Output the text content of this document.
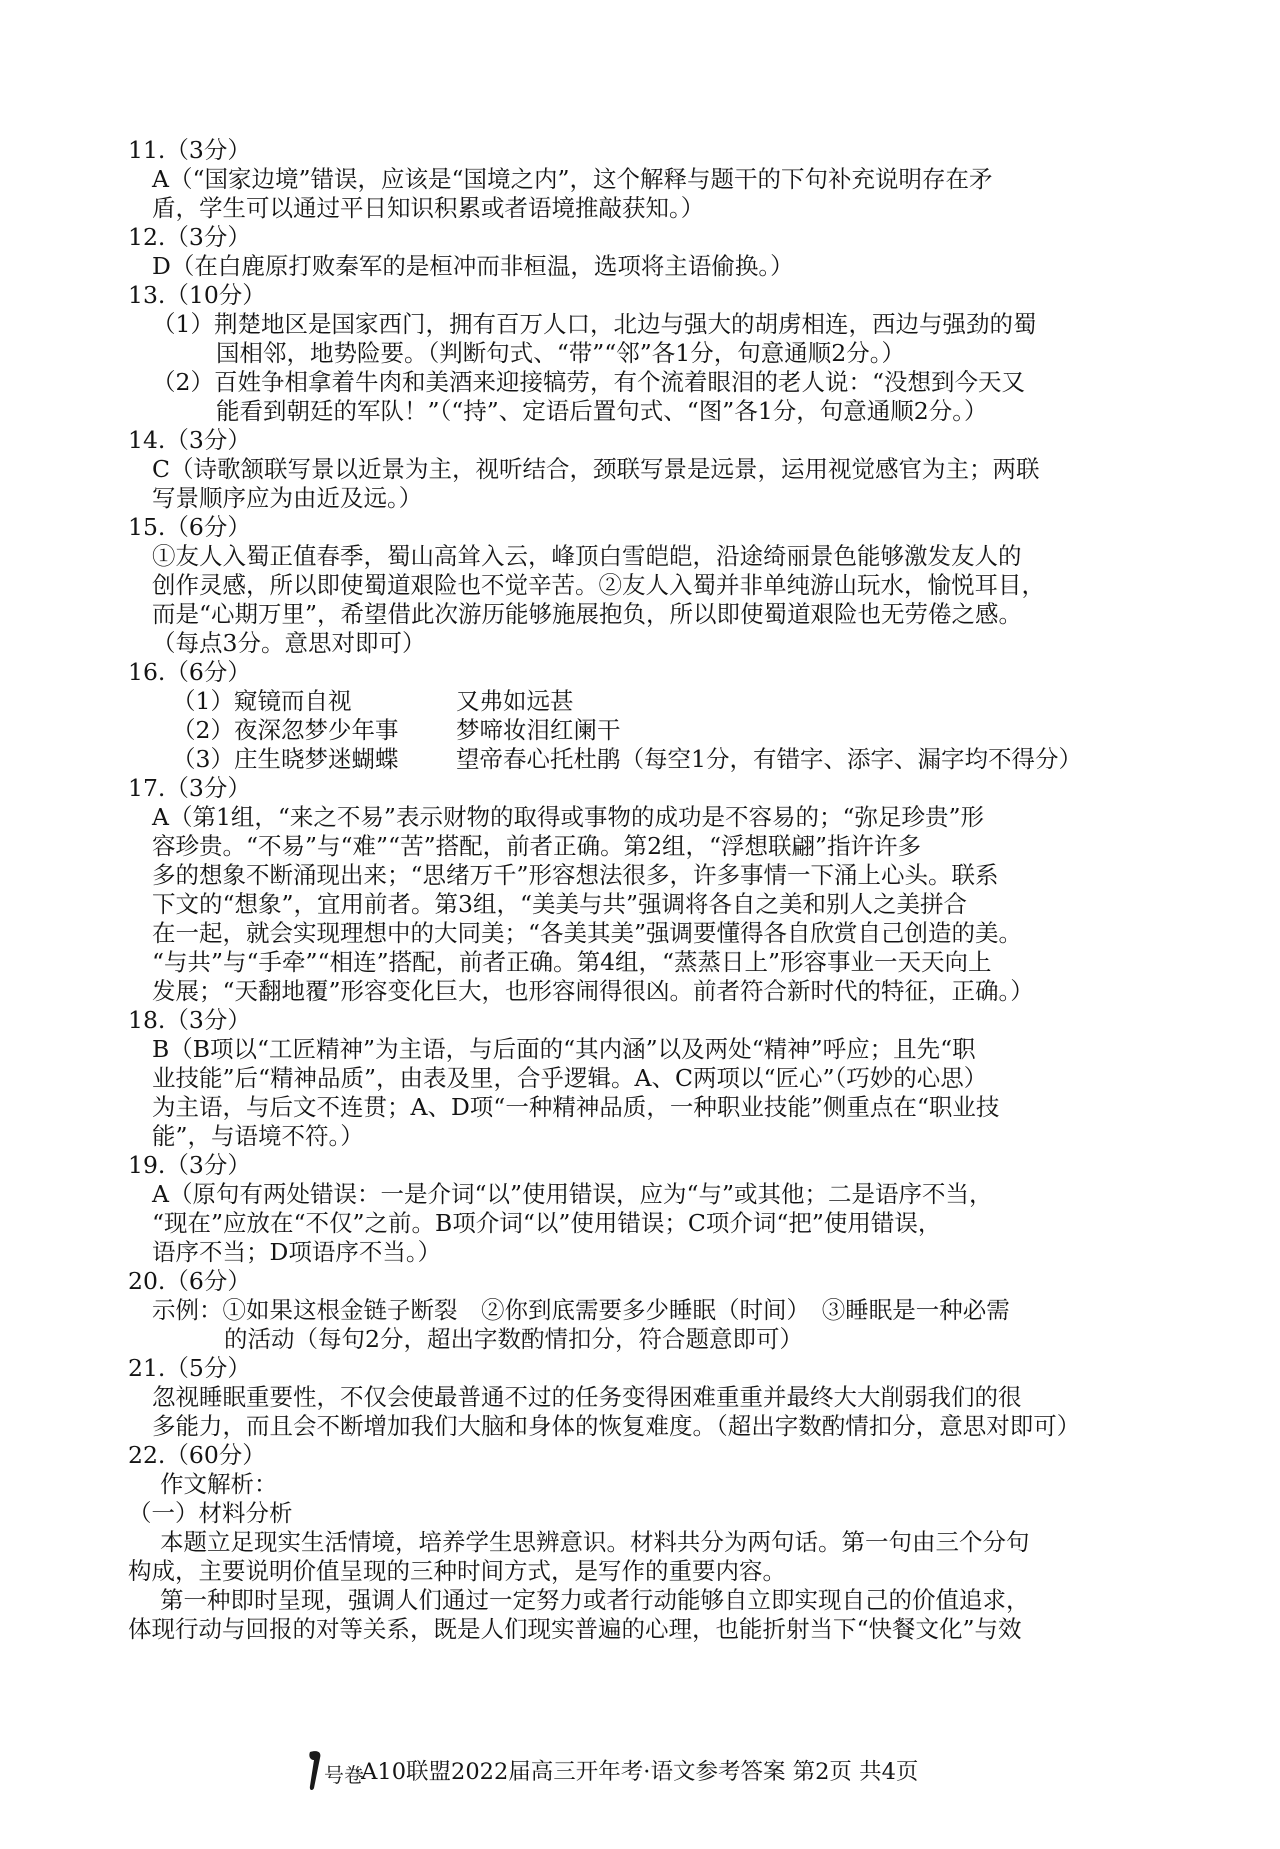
11.（3分）

A（“国家边境”错误，应该是“国境之内”，这个解释与题干的下句补充说明存在矛

盾，学生可以通过平日知识积累或者语境推敲获知。）

12.（3分）

D（在白鹿原打败秦军的是桓冲而非桓温，选项将主语偷换。）

13.（10分）

（1）荆楚地区是国家西门，拥有百万人口，北边与强大的胡虏相连，西边与强劲的蜀

国相邻，地势险要。（判断句式、“带”“邻”各1分，句意通顺2分。）

（2）百姓争相拿着牛肉和美酒来迎接犒劳，有个流着眼泪的老人说：“没想到今天又

能看到朝廷的军队！”（“持”、定语后置句式、“图”各1分，句意通顺2分。）

14.（3分）

C（诗歌颔联写景以近景为主，视听结合，颈联写景是远景，运用视觉感官为主；两联

写景顺序应为由近及远。）

15.（6分）

①友人入蜀正值春季，蜀山高耸入云，峰顶白雪皑皑，沿途绮丽景色能够激发友人的

创作灵感，所以即使蜀道艰险也不觉辛苦。②友人入蜀并非单纯游山玩水，愉悦耳目，

而是“心期万里”，希望借此次游历能够施展抱负，所以即使蜀道艰险也无劳倦之感。

（每点3分。意思对即可）

16.（6分）

（1）窥镜而自视	又弗如远甚
（2）夜深忽梦少年事	梦啼妆泪红阑干
（3）庄生晓梦迷蝴蝶	望帝春心托杜鹃（每空1分，有错字、添字、漏字均不得分）

17.（3分）

A（第1组，“来之不易”表示财物的取得或事物的成功是不容易的；“弥足珍贵”形

容珍贵。“不易”与“难”“苦”搭配，前者正确。第2组，“浮想联翩”指许许多

多的想象不断涌现出来；“思绪万千”形容想法很多，许多事情一下涌上心头。联系

下文的“想象”，宜用前者。第3组，“美美与共”强调将各自之美和别人之美拼合

在一起，就会实现理想中的大同美；“各美其美”强调要懂得各自欣赏自己创造的美。

“与共”与“手牵”“相连”搭配，前者正确。第4组，“蒸蒸日上”形容事业一天天向上

发展；“天翻地覆”形容变化巨大，也形容闹得很凶。前者符合新时代的特征，正确。）

18.（3分）

B（B项以“工匠精神”为主语，与后面的“其内涵”以及两处“精神”呼应；且先“职

业技能”后“精神品质”，由表及里，合乎逻辑。A、C两项以“匠心”（巧妙的心思）

为主语，与后文不连贯；A、D项“一种精神品质，一种职业技能”侧重点在“职业技

能”，与语境不符。）

19.（3分）

A（原句有两处错误：一是介词“以”使用错误，应为“与”或其他；二是语序不当，

“现在”应放在“不仅”之前。B项介词“以”使用错误；C项介词“把”使用错误，

语序不当；D项语序不当。）

20.（6分）

示例：①如果这根金链子断裂　②你到底需要多少睡眠（时间）　③睡眠是一种必需

的活动（每句2分，超出字数酌情扣分，符合题意即可）

21.（5分）

忽视睡眠重要性，不仅会使最普通不过的任务变得困难重重并最终大大削弱我们的很

多能力，而且会不断增加我们大脑和身体的恢复难度。（超出字数酌情扣分，意思对即可）

22.（60分）

作文解析：

（一）材料分析

本题立足现实生活情境，培养学生思辨意识。材料共分为两句话。第一句由三个分句

构成，主要说明价值呈现的三种时间方式，是写作的重要内容。

第一种即时呈现，强调人们通过一定努力或者行动能够自立即实现自己的价值追求，

体现行动与回报的对等关系，既是人们现实普遍的心理，也能折射当下“快餐文化”与效

号卷
·A10联盟2022届高三开年考·语文参考答案 第2页 共4页
